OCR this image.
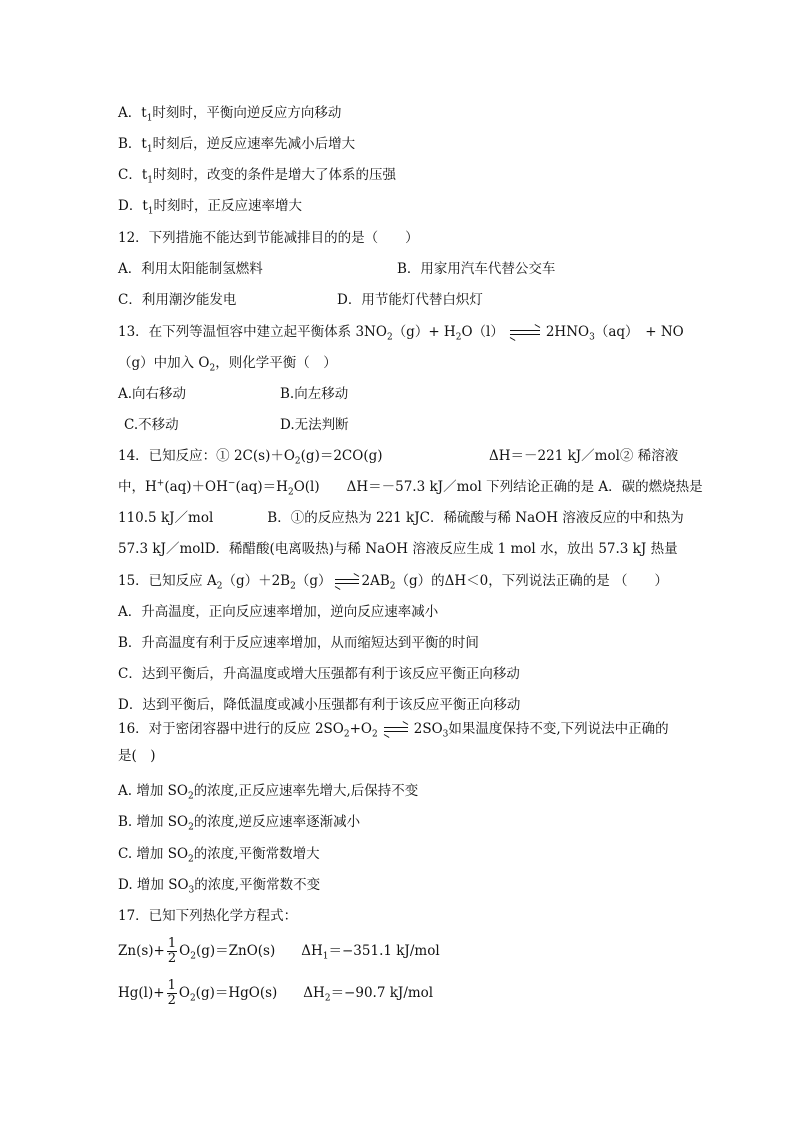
A．$t_1$时刻时，平衡向逆反应方向移动
B．$t_1$时刻后，逆反应速率先减小后增大
C．$t_1$时刻时，改变的条件是增大了体系的压强
D．$t_1$时刻时，正反应速率增大
12．下列措施不能达到节能减排目的的是（　　）
A．利用太阳能制氢燃料	B．用家用汽车代替公交车
C．利用潮汐能发电	D．用节能灯代替白炽灯
13．在下列等温恒容中建立起平衡体系 $3NO_2(g)+ H_2O(l)$	$2HNO_3(aq)$　+ NO
（g）中加入 $O_2$，则化学平衡（　）
A.向右移动	B.向左移动
C.不移动	D.无法判断
14．已知反应：① $2C(s)+O_2(g)=2CO(g)$	ΔH＝－221 kJ／mol② 稀溶液
中，$H^+(aq)+OH^-(aq)=H_2O(l)$　　ΔH＝－57.3 kJ／mol 下列结论正确的是 A．碳的燃烧热是
110.5 kJ／mol　　　　B．①的反应热为 221 kJC．稀硫酸与稀 NaOH 溶液反应的中和热为
57.3 kJ／molD．稀醋酸(电离吸热)与稀 NaOH 溶液反应生成 1 mol 水，放出 57.3 kJ 热量
15．已知反应 $A_2(g)+2B_2(g)$ $2AB_2(g)$的ΔH＜0，下列说法正确的是 （　　）
A．升高温度，正向反应速率增加，逆向反应速率减小
B．升高温度有利于反应速率增加，从而缩短达到平衡的时间
C．达到平衡后，升高温度或增大压强都有利于该反应平衡正向移动
D．达到平衡后，降低温度或减小压强都有利于该反应平衡正向移动
16．对于密闭容器中进行的反应 $2SO_2+O_2$	$2SO_3$如果温度保持不变,下列说法中正确的
是(　)
A. 增加 $SO_2$的浓度,正反应速率先增大,后保持不变
B. 增加 $SO_2$的浓度,逆反应速率逐渐减小
C. 增加 $SO_2$的浓度,平衡常数增大
D. 增加 $SO_3$的浓度,平衡常数不变
17．已知下列热化学方程式：
$Zn(s)+ \frac{1}{2} O_2(g)=ZnO(s)$ $\Delta H_1=-351.1$ kJ/mol
$Hg(l)+ \frac{1}{2} O_2(g)=HgO(s)$ $\Delta H_2=-90.7$ kJ/mol
